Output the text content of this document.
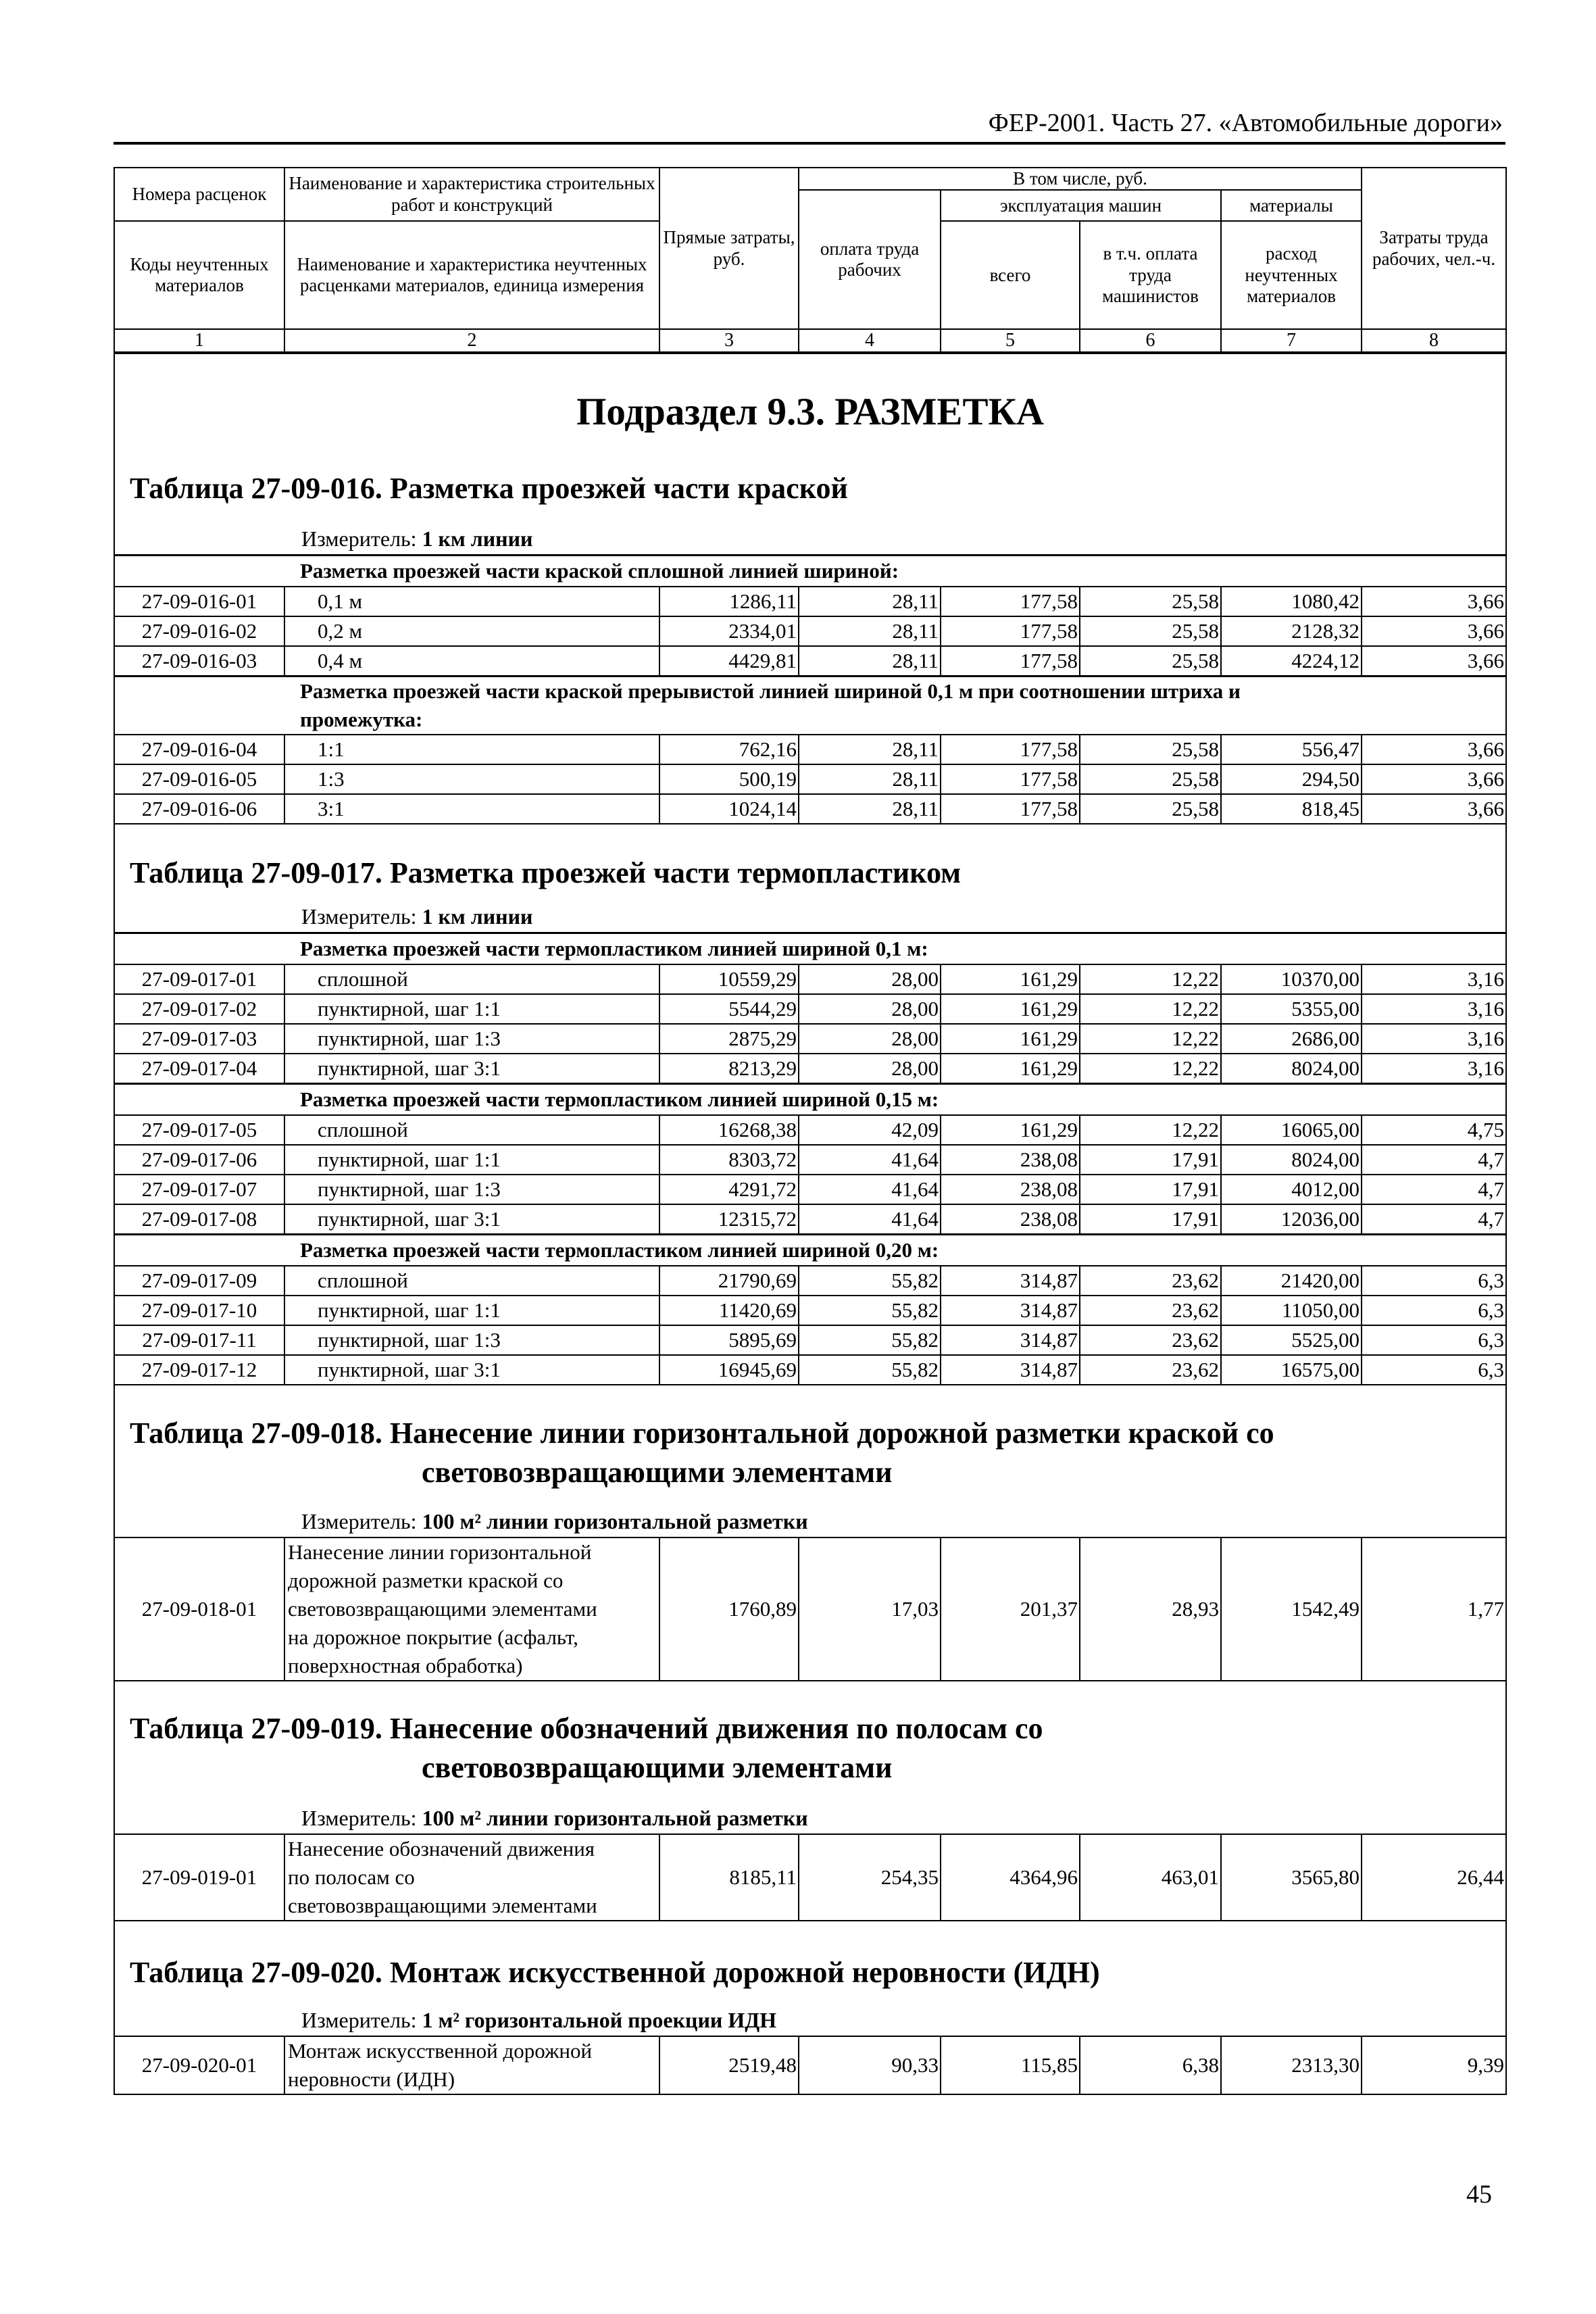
ФЕР-2001. Часть 27. «Автомобильные дороги»
Номера расценок	Наименование и характеристика строительных работ и конструкций	Прямые затраты, руб.	В том числе, руб.				Затраты труда рабочих, чел.-ч.
			оплата труда рабочих	эксплуатация машин		материалы	
Коды неучтенных материалов	Наименование и характеристика неучтенных расценками материалов, единица измерения			всего	в т.ч. оплата труда машинистов	расход неучтенных материалов	
1	2	3	4	5	6	7	8
Подраздел 9.3. РАЗМЕТКА							

Таблица 27-09-016. Разметка проезжей части краской							

Измеритель: 1 км линии							

Разметка проезжей части краской сплошной линией шириной:							

27-09-016-01	0,1 м	1286,11	28,11	177,58	25,58	1080,42	3,66
27-09-016-02	0,2 м	2334,01	28,11	177,58	25,58	2128,32	3,66
27-09-016-03	0,4 м	4429,81	28,11	177,58	25,58	4224,12	3,66

Разметка проезжей части краской прерывистой линией шириной 0,1 м при соотношении штриха и
промежутка:							

27-09-016-04	1:1	762,16	28,11	177,58	25,58	556,47	3,66
27-09-016-05	1:3	500,19	28,11	177,58	25,58	294,50	3,66
27-09-016-06	3:1	1024,14	28,11	177,58	25,58	818,45	3,66

Таблица 27-09-017. Разметка проезжей части термопластиком							

Измеритель: 1 км линии							

Разметка проезжей части термопластиком линией шириной 0,1 м:							

27-09-017-01	сплошной	10559,29	28,00	161,29	12,22	10370,00	3,16
27-09-017-02	пунктирной, шаг 1:1	5544,29	28,00	161,29	12,22	5355,00	3,16
27-09-017-03	пунктирной, шаг 1:3	2875,29	28,00	161,29	12,22	2686,00	3,16
27-09-017-04	пунктирной, шаг 3:1	8213,29	28,00	161,29	12,22	8024,00	3,16

Разметка проезжей части термопластиком линией шириной 0,15 м:							

27-09-017-05	сплошной	16268,38	42,09	161,29	12,22	16065,00	4,75
27-09-017-06	пунктирной, шаг 1:1	8303,72	41,64	238,08	17,91	8024,00	4,7
27-09-017-07	пунктирной, шаг 1:3	4291,72	41,64	238,08	17,91	4012,00	4,7
27-09-017-08	пунктирной, шаг 3:1	12315,72	41,64	238,08	17,91	12036,00	4,7

Разметка проезжей части термопластиком линией шириной 0,20 м:							

27-09-017-09	сплошной	21790,69	55,82	314,87	23,62	21420,00	6,3
27-09-017-10	пунктирной, шаг 1:1	11420,69	55,82	314,87	23,62	11050,00	6,3
27-09-017-11	пунктирной, шаг 1:3	5895,69	55,82	314,87	23,62	5525,00	6,3
27-09-017-12	пунктирной, шаг 3:1	16945,69	55,82	314,87	23,62	16575,00	6,3

Таблица 27-09-018. Нанесение линии горизонтальной дорожной разметки краской со
световозвращающими элементами							

Измеритель: 100 м² линии горизонтальной разметки							
27-09-018-01	Нанесение линии горизонтальной
дорожной разметки краской со
световозвращающими элементами
на дорожное покрытие (асфальт,
поверхностная обработка)	1760,89	17,03	201,37	28,93	1542,49	1,77

Таблица 27-09-019. Нанесение обозначений движения по полосам со
световозвращающими элементами							

Измеритель: 100 м² линии горизонтальной разметки							
27-09-019-01	Нанесение обозначений движения
по полосам со
световозвращающими элементами	8185,11	254,35	4364,96	463,01	3565,80	26,44

Таблица 27-09-020. Монтаж искусственной дорожной неровности (ИДН)							

Измеритель: 1 м² горизонтальной проекции ИДН							
27-09-020-01	Монтаж искусственной дорожной
неровности (ИДН)	2519,48	90,33	115,85	6,38	2313,30	9,39
45
